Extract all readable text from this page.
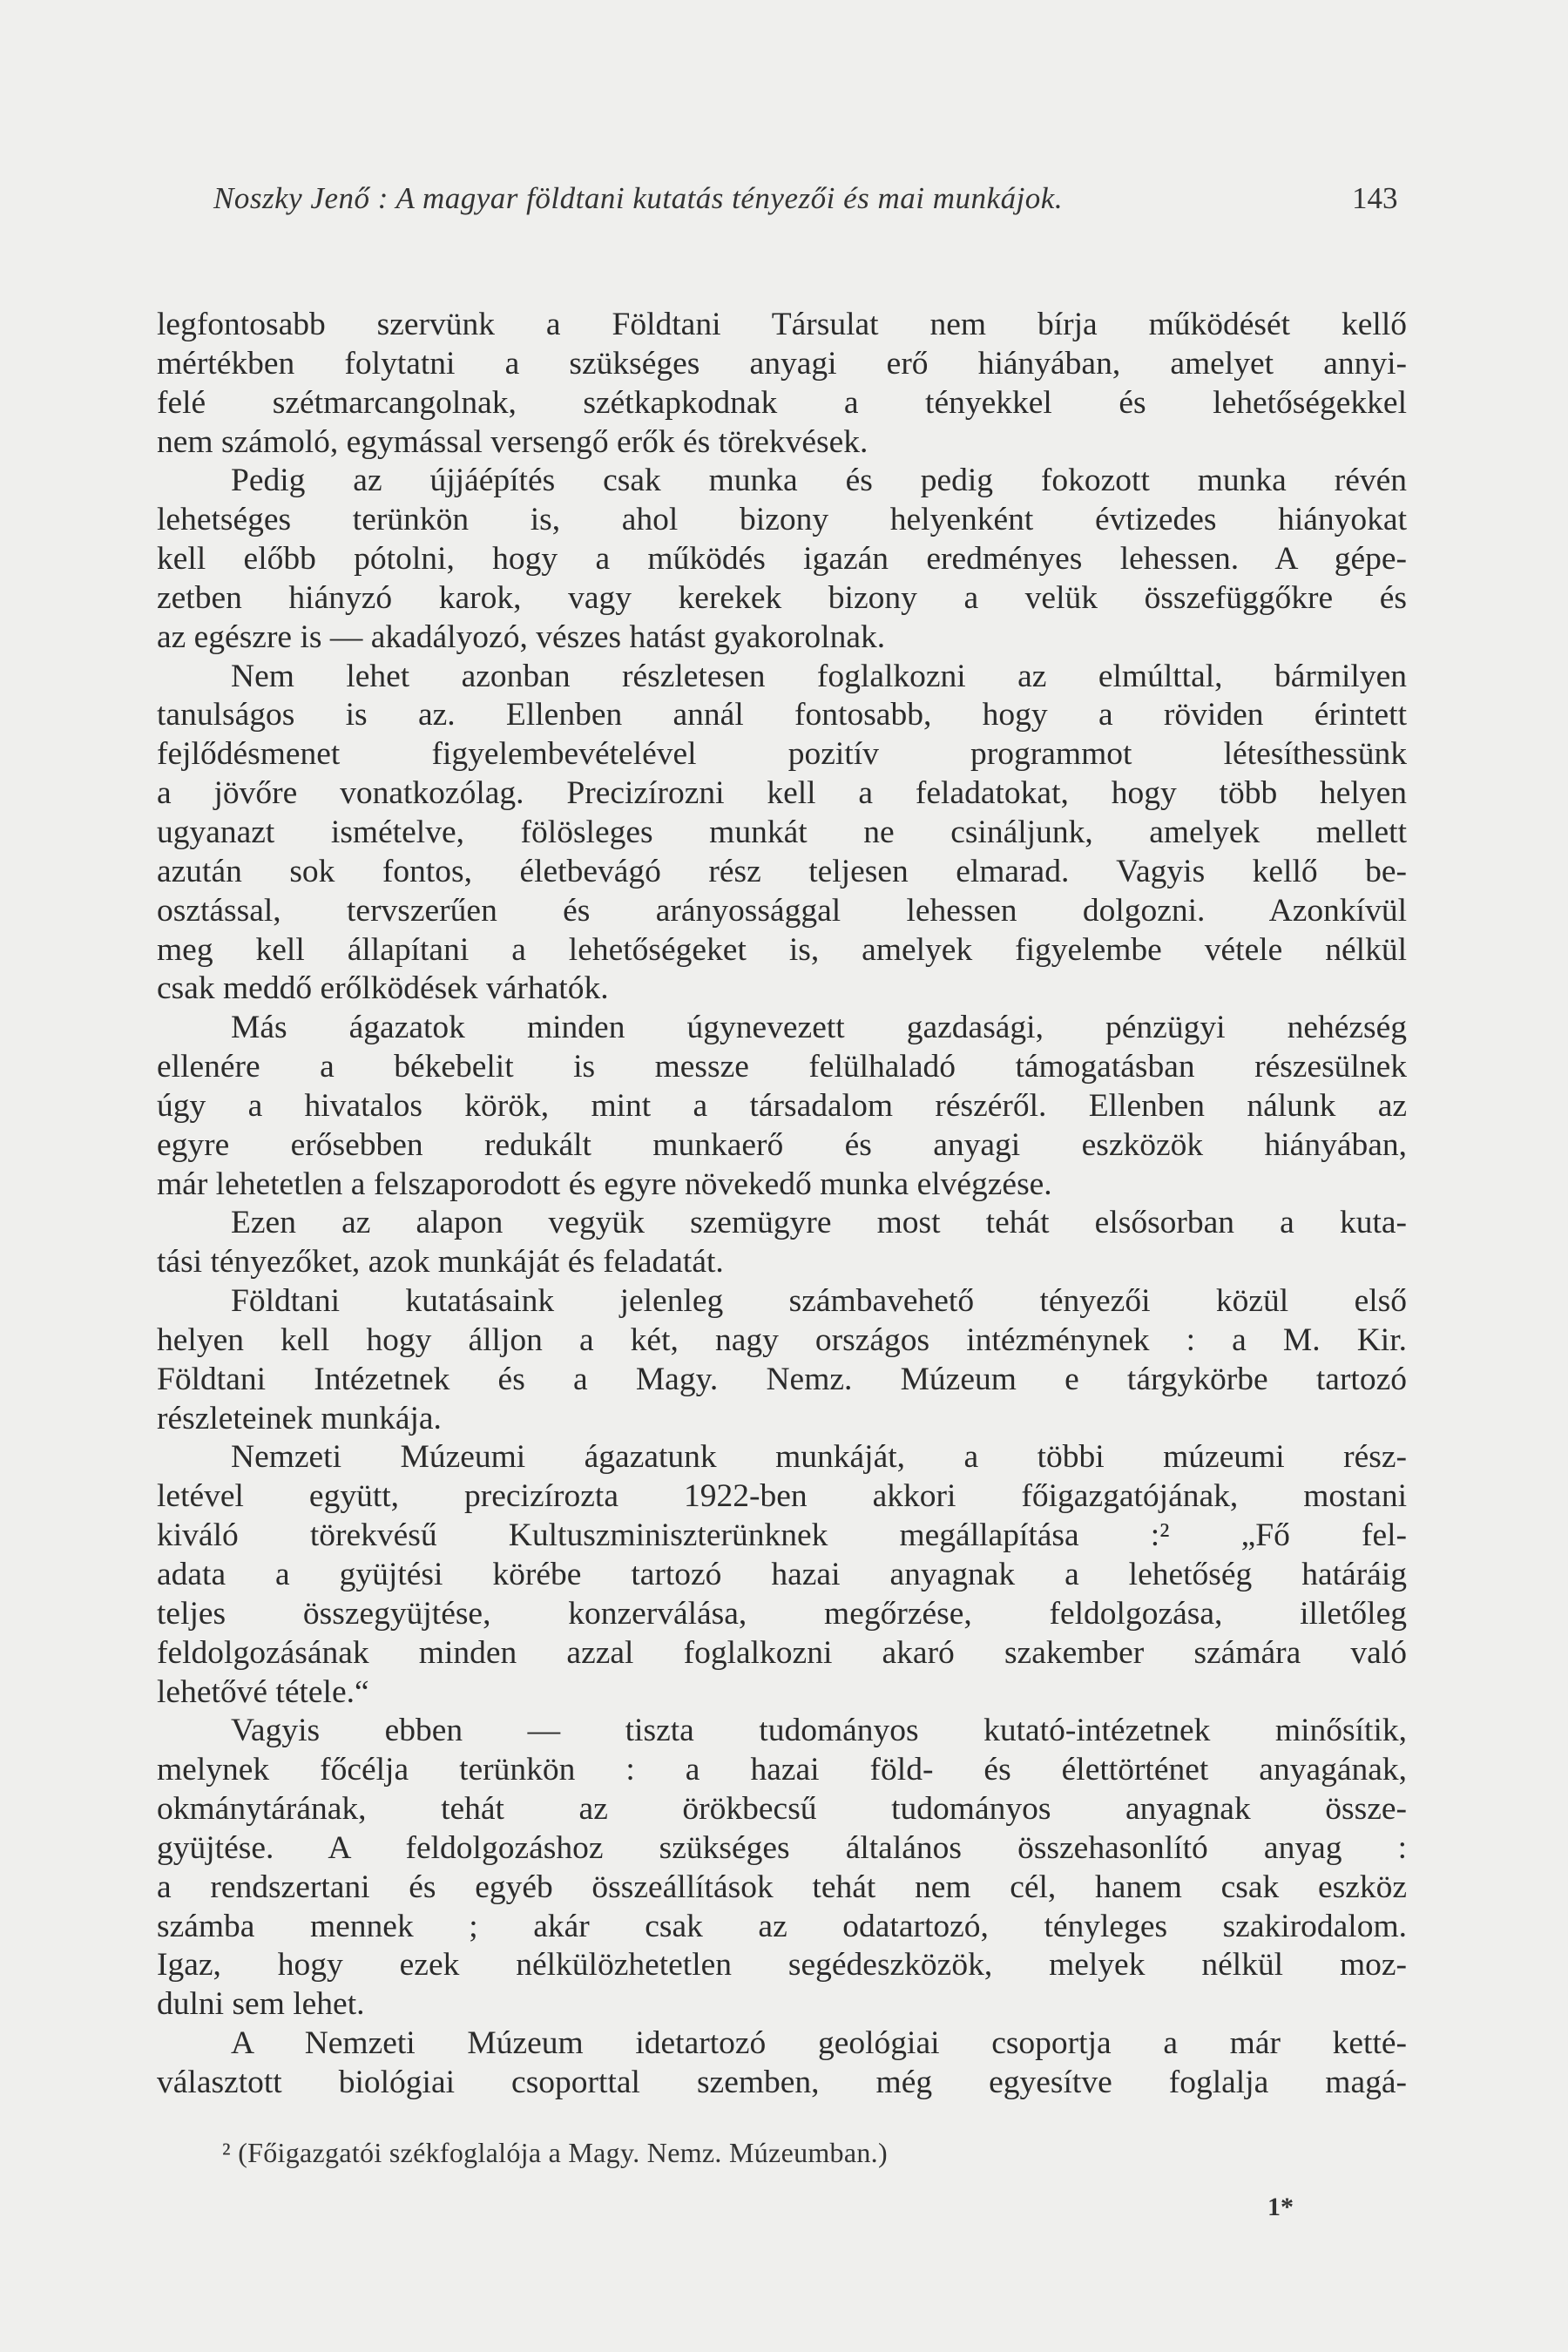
Noszky Jenő : A magyar földtani kutatás tényezői és mai munkájok.	143
legfontosabb szervünk a Földtani Társulat nem bírja működését kellő
mértékben folytatni a szükséges anyagi erő hiányában, amelyet annyi-
felé szétmarcangolnak, szétkapkodnak a tényekkel és lehetőségekkel
nem számoló, egymással versengő erők és törekvések.
Pedig az újjáépítés csak munka és pedig fokozott munka révén
lehetséges terünkön is, ahol bizony helyenként évtizedes hiányokat
kell előbb pótolni, hogy a működés igazán eredményes lehessen. A gépe-
zetben hiányzó karok, vagy kerekek bizony a velük összefüggőkre és
az egészre is — akadályozó, vészes hatást gyakorolnak.
Nem lehet azonban részletesen foglalkozni az elmúlttal, bármilyen
tanulságos is az. Ellenben annál fontosabb, hogy a röviden érintett
fejlődésmenet figyelembevételével pozitív programmot létesíthessünk
a jövőre vonatkozólag. Precizírozni kell a feladatokat, hogy több helyen
ugyanazt ismételve, fölösleges munkát ne csináljunk, amelyek mellett
azután sok fontos, életbevágó rész teljesen elmarad. Vagyis kellő be-
osztással, tervszerűen és arányossággal lehessen dolgozni. Azonkívül
meg kell állapítani a lehetőségeket is, amelyek figyelembe vétele nélkül
csak meddő erőlködések várhatók.
Más ágazatok minden úgynevezett gazdasági, pénzügyi nehézség
ellenére a békebelit is messze felülhaladó támogatásban részesülnek
úgy a hivatalos körök, mint a társadalom részéről. Ellenben nálunk az
egyre erősebben redukált munkaerő és anyagi eszközök hiányában,
már lehetetlen a felszaporodott és egyre növekedő munka elvégzése.
Ezen az alapon vegyük szemügyre most tehát elsősorban a kuta-
tási tényezőket, azok munkáját és feladatát.
Földtani kutatásaink jelenleg számbavehető tényezői közül első
helyen kell hogy álljon a két, nagy országos intézménynek : a M. Kir.
Földtani Intézetnek és a Magy. Nemz. Múzeum e tárgykörbe tartozó
részleteinek munkája.
Nemzeti Múzeumi ágazatunk munkáját, a többi múzeumi rész-
letével együtt, precizírozta 1922-ben akkori főigazgatójának, mostani
kiváló törekvésű Kultuszminiszterünknek megállapítása :² „Fő fel-
adata a gyüjtési körébe tartozó hazai anyagnak a lehetőség határáig
teljes összegyüjtése, konzerválása, megőrzése, feldolgozása, illetőleg
feldolgozásának minden azzal foglalkozni akaró szakember számára való
lehetővé tétele.“
Vagyis ebben — tiszta tudományos kutató-intézetnek minősítik,
melynek főcélja terünkön : a hazai föld- és élettörténet anyagának,
okmánytárának, tehát az örökbecsű tudományos anyagnak össze-
gyüjtése. A feldolgozáshoz szükséges általános összehasonlító anyag :
a rendszertani és egyéb összeállítások tehát nem cél, hanem csak eszköz
számba mennek ; akár csak az odatartozó, tényleges szakirodalom.
Igaz, hogy ezek nélkülözhetetlen segédeszközök, melyek nélkül moz-
dulni sem lehet.
A Nemzeti Múzeum idetartozó geológiai csoportja a már ketté-
választott biológiai csoporttal szemben, még egyesítve foglalja magá-
² (Főigazgatói székfoglalója a Magy. Nemz. Múzeumban.)
1*
